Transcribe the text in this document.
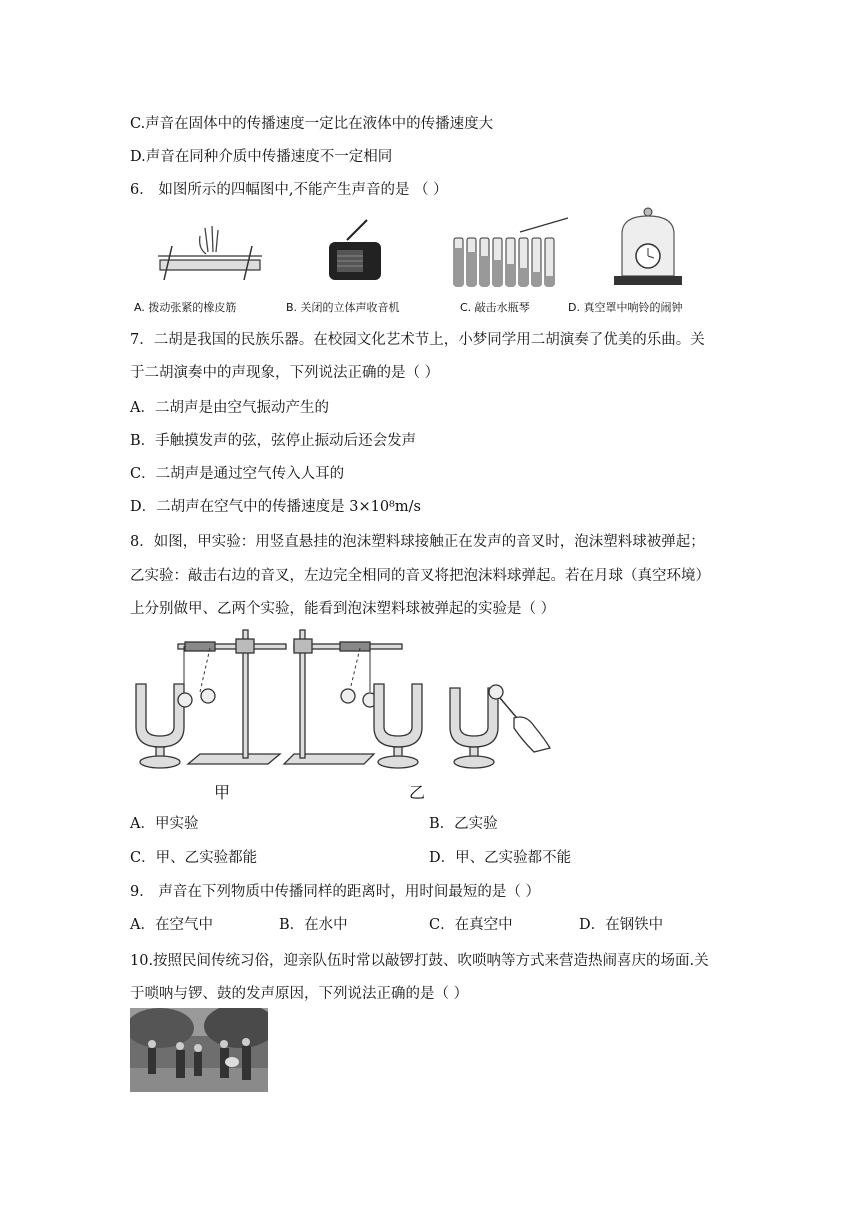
C.声音在固体中的传播速度一定比在液体中的传播速度大
D.声音在同种介质中传播速度不一定相同
6． 如图所示的四幅图中,不能产生声音的是 （ ）
A. 拨动张紧的橡皮筋	B. 关闭的立体声收音机	C. 敲击水瓶琴	D. 真空罩中响铃的闹钟
7．二胡是我国的民族乐器。在校园文化艺术节上，小梦同学用二胡演奏了优美的乐曲。关
于二胡演奏中的声现象，下列说法正确的是（ ）
A．二胡声是由空气振动产生的
B．手触摸发声的弦，弦停止振动后还会发声
C．二胡声是通过空气传入人耳的
D．二胡声在空气中的传播速度是 3×10⁸m/s
8．如图，甲实验：用竖直悬挂的泡沫塑料球接触正在发声的音叉时，泡沫塑料球被弹起；
乙实验：敲击右边的音叉，左边完全相同的音叉将把泡沫料球弹起。若在月球（真空环境）
上分别做甲、乙两个实验，能看到泡沫塑料球被弹起的实验是（ ）
甲	乙
A．甲实验	B．乙实验
C．甲、乙实验都能	D．甲、乙实验都不能
9． 声音在下列物质中传播同样的距离时，用时间最短的是（ ）
A．在空气中	B．在水中	C．在真空中	D．在钢铁中
10.按照民间传统习俗，迎亲队伍时常以敲锣打鼓、吹唢呐等方式来营造热闹喜庆的场面.关
于唢呐与锣、鼓的发声原因，下列说法正确的是（ ）
